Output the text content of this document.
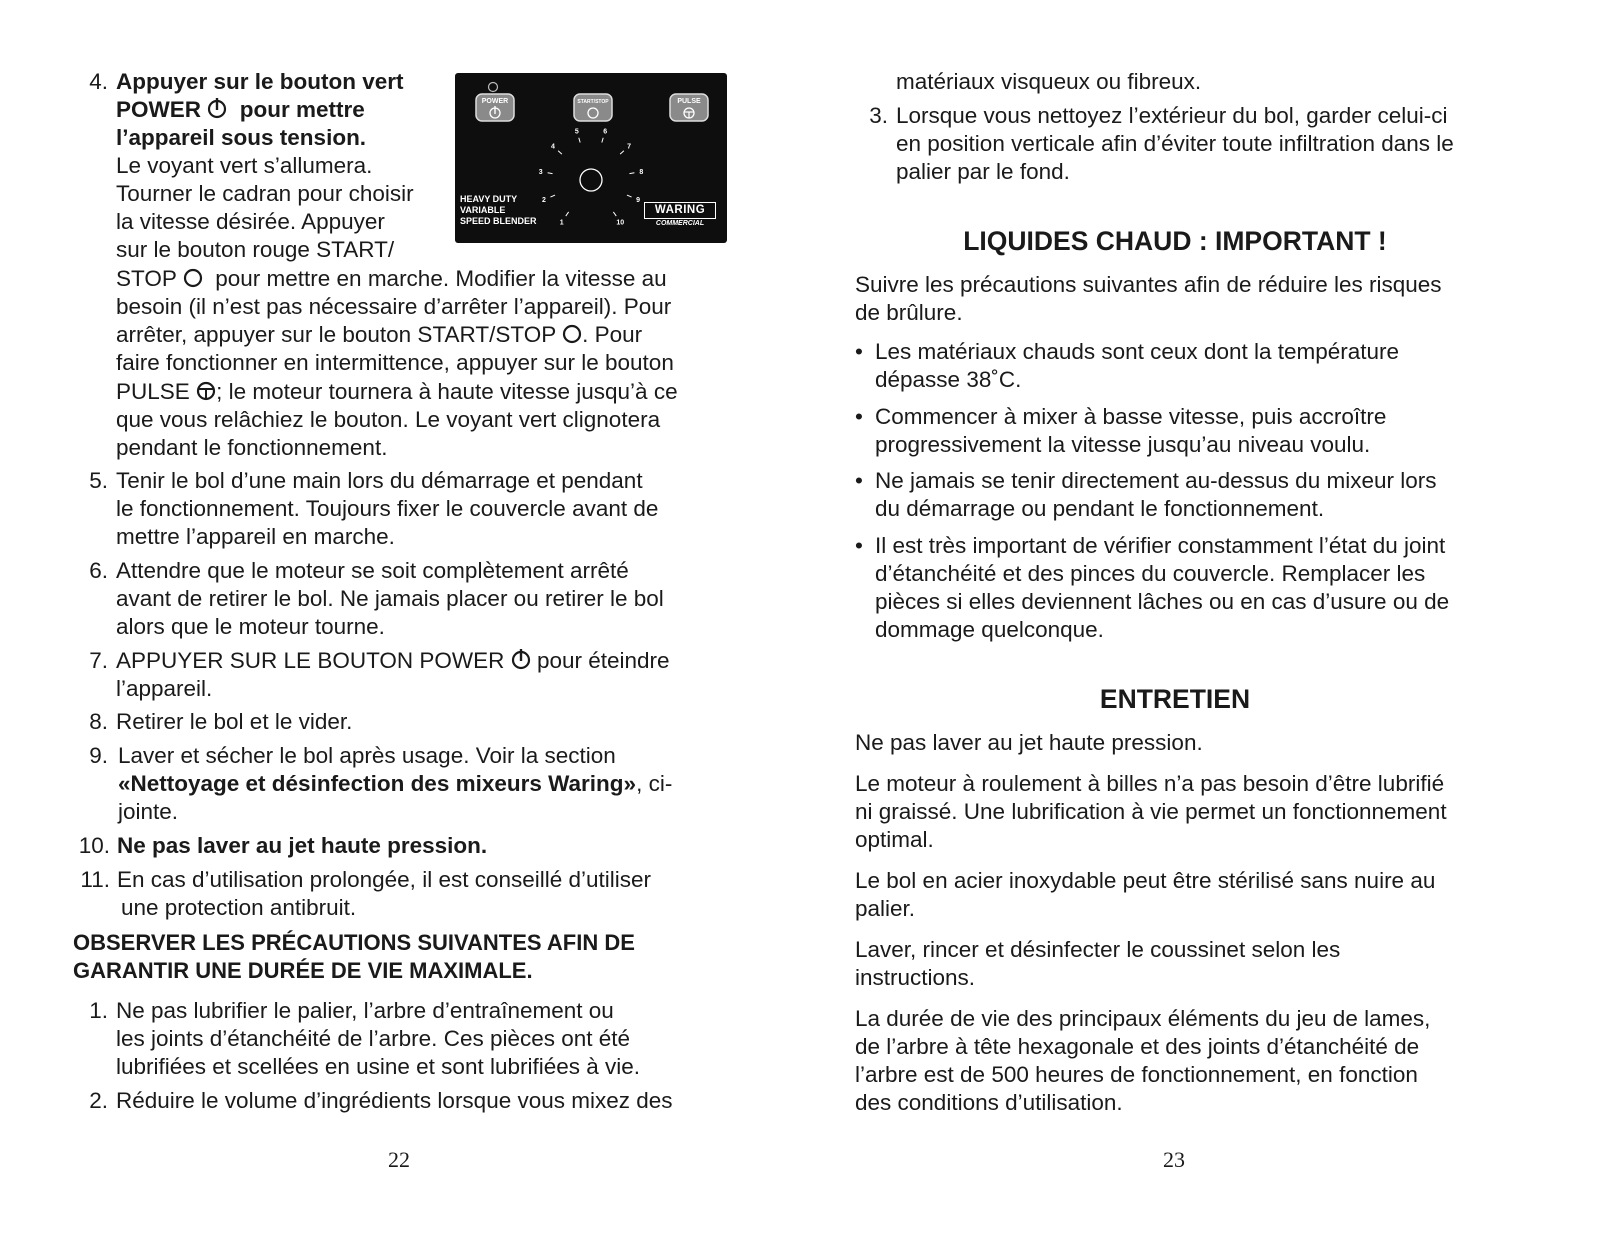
4. Appuyer sur le bouton vert
POWER pour mettre
l’appareil sous tension.
Le voyant vert s’allumera.
Tourner le cadran pour choisir
la vitesse désirée. Appuyer
sur le bouton rouge START/
STOP pour mettre en marche. Modifier la vitesse au
besoin (il n’est pas nécessaire d’arrêter l’appareil). Pour
arrêter, appuyer sur le bouton START/STOP . Pour
faire fonctionner en intermittence, appuyer sur le bouton
PULSE ; le moteur tournera à haute vitesse jusqu’à ce
que vous relâchiez le bouton. Le voyant vert clignotera
pendant le fonctionnement.
5. Tenir le bol d’une main lors du démarrage et pendant
le fonctionnement. Toujours fixer le couvercle avant de
mettre l’appareil en marche.
6. Attendre que le moteur se soit complètement arrêté
avant de retirer le bol. Ne jamais placer ou retirer le bol
alors que le moteur tourne.
7. APPUYER SUR LE BOUTON POWER pour éteindre
l’appareil.
8. Retirer le bol et le vider.
9. Laver et sécher le bol après usage. Voir la section
«Nettoyage et désinfection des mixeurs Waring», ci-
jointe.
10. Ne pas laver au jet haute pression.
11. En cas d’utilisation prolongée, il est conseillé d’utiliser
une protection antibruit.
OBSERVER LES PRÉCAUTIONS SUIVANTES AFIN DE
GARANTIR UNE DURÉE DE VIE MAXIMALE.
1. Ne pas lubrifier le palier, l’arbre d’entraînement ou
les joints d’étanchéité de l’arbre. Ces pièces ont été
lubrifiées et scellées en usine et sont lubrifiées à vie.
2. Réduire le volume d’ingrédients lorsque vous mixez des
22
1
2
3
4
5	6
7
8
9
10
POWER	START/STOP	PULSE
HEAVY DUTY
VARIABLE
SPEED BLENDER
WARING
COMMERCIAL
matériaux visqueux ou fibreux.
3. Lorsque vous nettoyez l’extérieur du bol, garder celui-ci
en position verticale afin d’éviter toute infiltration dans le
palier par le fond.
LIQUIDES CHAUD : IMPORTANT !
Suivre les précautions suivantes afin de réduire les risques
de brûlure.
• Les matériaux chauds sont ceux dont la température
dépasse 38˚C.
• Commencer à mixer à basse vitesse, puis accroître
progressivement la vitesse jusqu’au niveau voulu.
• Ne jamais se tenir directement au-dessus du mixeur lors
du démarrage ou pendant le fonctionnement.
• Il est très important de vérifier constamment l’état du joint
d’étanchéité et des pinces du couvercle. Remplacer les
pièces si elles deviennent lâches ou en cas d’usure ou de
dommage quelconque.
ENTRETIEN
Ne pas laver au jet haute pression.
Le moteur à roulement à billes n’a pas besoin d’être lubrifié
ni graissé. Une lubrification à vie permet un fonctionnement
optimal.
Le bol en acier inoxydable peut être stérilisé sans nuire au
palier.
Laver, rincer et désinfecter le coussinet selon les
instructions.
La durée de vie des principaux éléments du jeu de lames,
de l’arbre à tête hexagonale et des joints d’étanchéité de
l’arbre est de 500 heures de fonctionnement, en fonction
des conditions d’utilisation.
23
